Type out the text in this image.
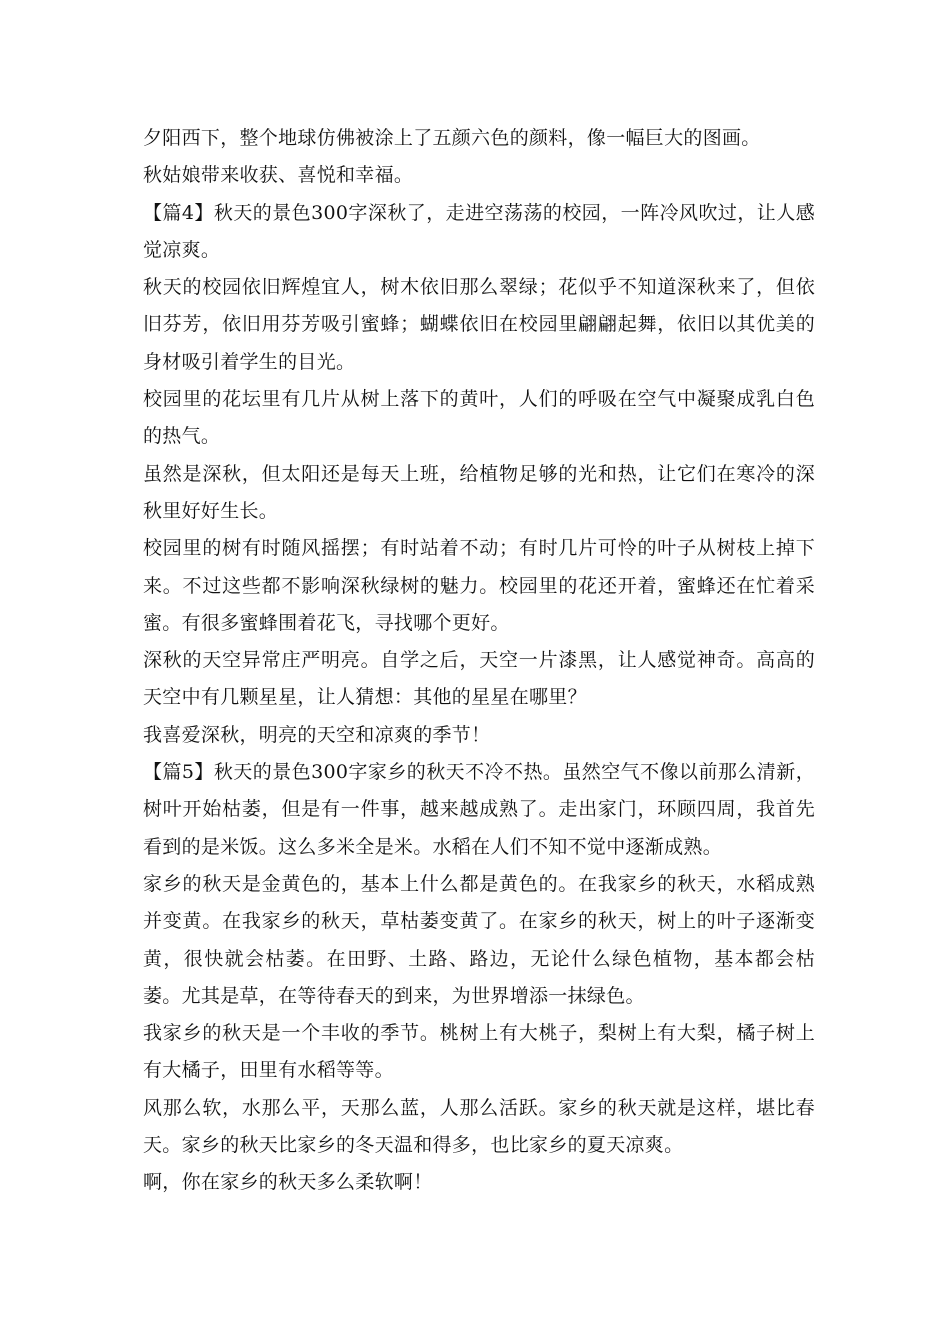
夕阳西下，整个地球仿佛被涂上了五颜六色的颜料，像一幅巨大的图画。

秋姑娘带来收获、喜悦和幸福。

【篇4】秋天的景色300字深秋了，走进空荡荡的校园，一阵冷风吹过，让人感觉凉爽。

秋天的校园依旧辉煌宜人，树木依旧那么翠绿；花似乎不知道深秋来了，但依旧芬芳，依旧用芬芳吸引蜜蜂；蝴蝶依旧在校园里翩翩起舞，依旧以其优美的身材吸引着学生的目光。

校园里的花坛里有几片从树上落下的黄叶，人们的呼吸在空气中凝聚成乳白色的热气。

虽然是深秋，但太阳还是每天上班，给植物足够的光和热，让它们在寒冷的深秋里好好生长。

校园里的树有时随风摇摆；有时站着不动；有时几片可怜的叶子从树枝上掉下来。不过这些都不影响深秋绿树的魅力。校园里的花还开着，蜜蜂还在忙着采蜜。有很多蜜蜂围着花飞，寻找哪个更好。

深秋的天空异常庄严明亮。自学之后，天空一片漆黑，让人感觉神奇。高高的天空中有几颗星星，让人猜想：其他的星星在哪里？

我喜爱深秋，明亮的天空和凉爽的季节！

【篇5】秋天的景色300字家乡的秋天不冷不热。虽然空气不像以前那么清新，树叶开始枯萎，但是有一件事，越来越成熟了。走出家门，环顾四周，我首先看到的是米饭。这么多米全是米。水稻在人们不知不觉中逐渐成熟。

家乡的秋天是金黄色的，基本上什么都是黄色的。在我家乡的秋天，水稻成熟并变黄。在我家乡的秋天，草枯萎变黄了。在家乡的秋天，树上的叶子逐渐变黄，很快就会枯萎。在田野、土路、路边，无论什么绿色植物，基本都会枯萎。尤其是草，在等待春天的到来，为世界增添一抹绿色。

我家乡的秋天是一个丰收的季节。桃树上有大桃子，梨树上有大梨，橘子树上有大橘子，田里有水稻等等。

风那么软，水那么平，天那么蓝，人那么活跃。家乡的秋天就是这样，堪比春天。家乡的秋天比家乡的冬天温和得多，也比家乡的夏天凉爽。

啊，你在家乡的秋天多么柔软啊！
